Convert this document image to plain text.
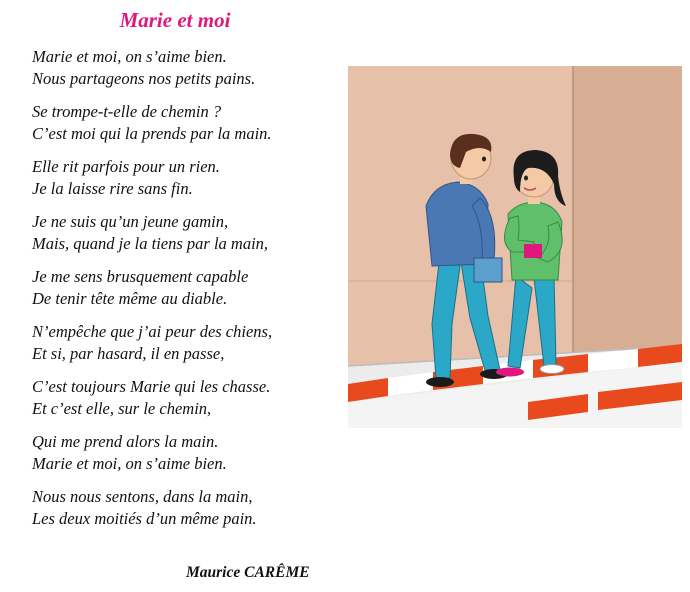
Marie et moi
Marie et moi, on s’aime bien.
Nous partageons nos petits pains.
Se trompe-t-elle de chemin ?
C’est moi qui la prends par la main.
Elle rit parfois pour un rien.
Je la laisse rire sans fin.
Je ne suis qu’un jeune gamin,
Mais, quand je la tiens par la main,
Je me sens brusquement capable
De tenir tête même au diable.
N’empêche que j’ai peur des chiens,
Et si, par hasard, il en passe,
C’est toujours Marie qui les chasse.
Et c’est elle, sur le chemin,
Qui me prend alors la main.
Marie et moi, on s’aime bien.
Nous nous sentons, dans la main,
Les deux moitiés d’un même pain.
Maurice CARÊME
